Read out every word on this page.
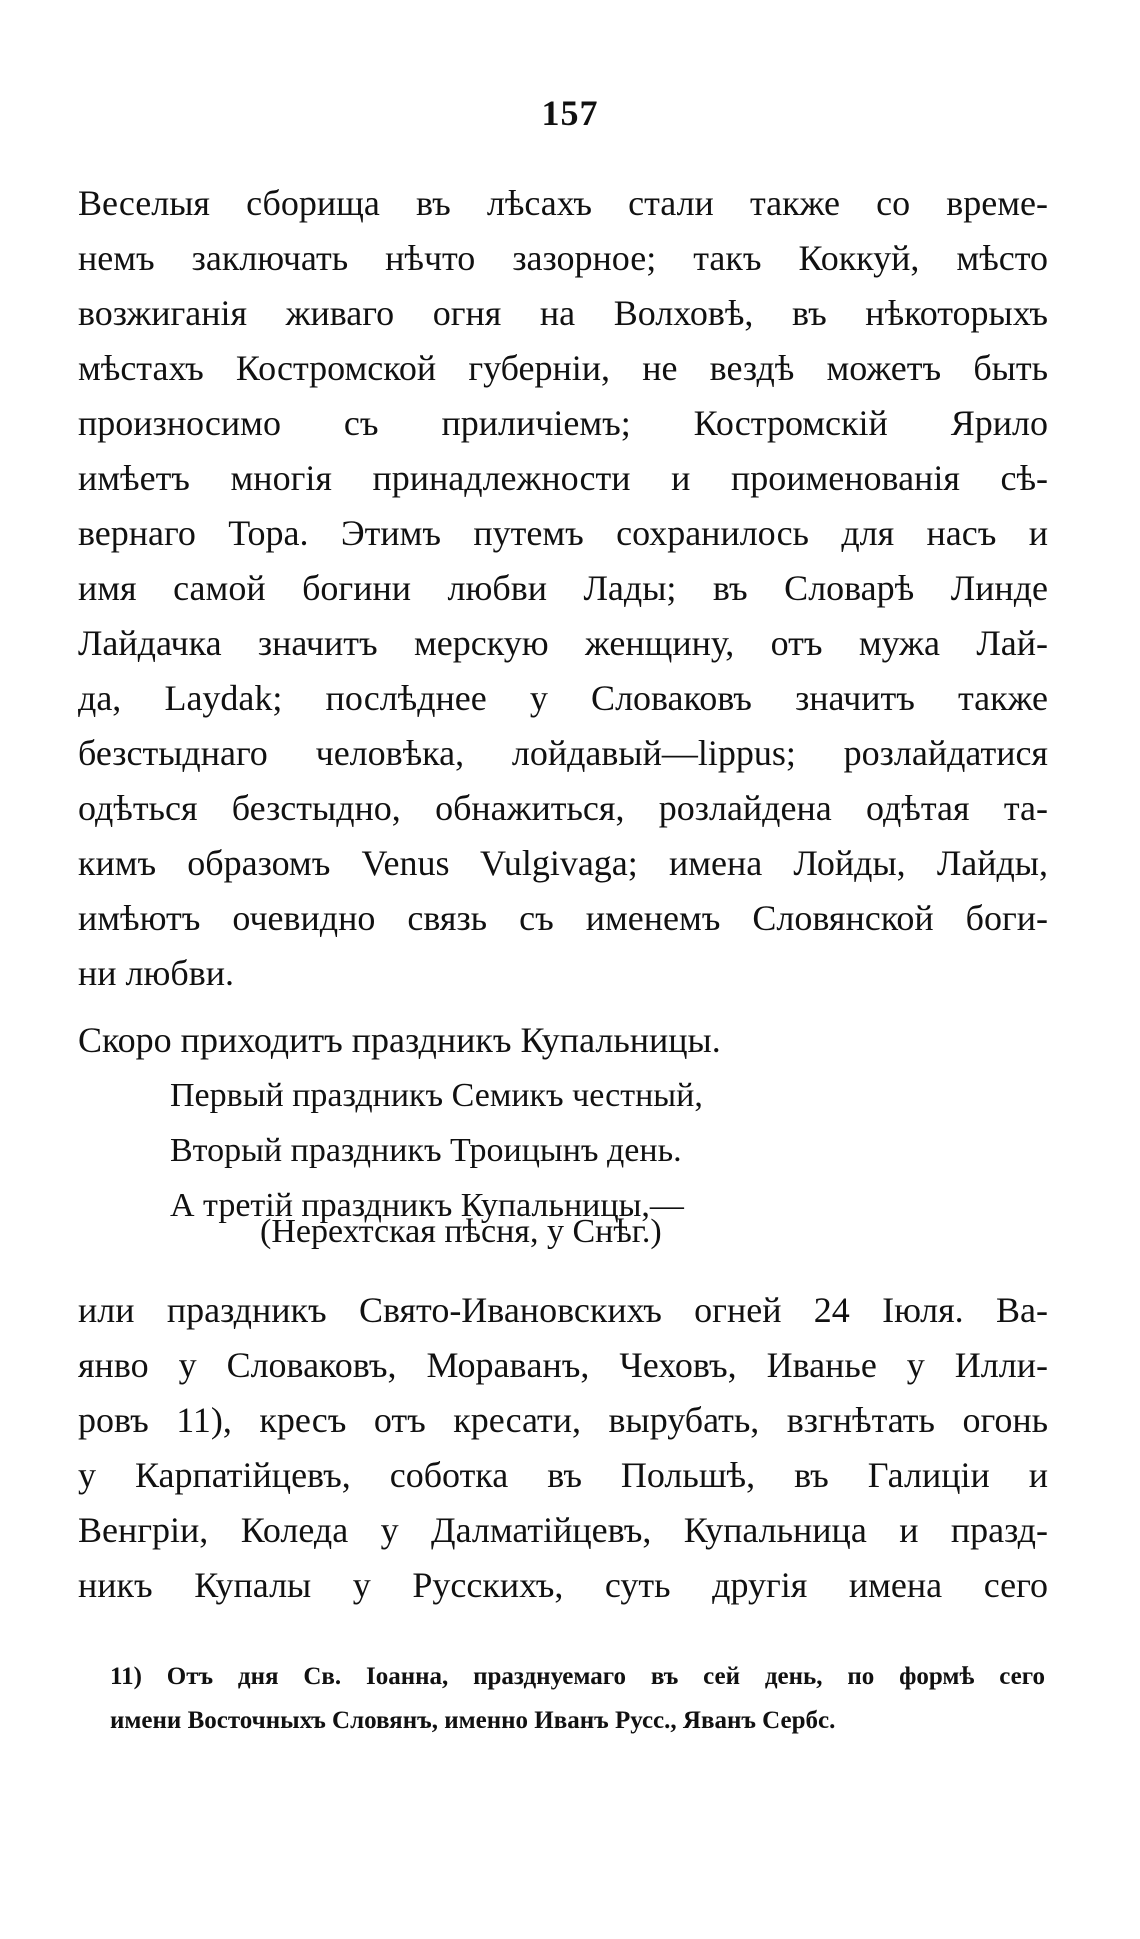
157
Веселыя сборища въ лѣсахъ стали также со време-
немъ заключать нѣчто зазорное; такъ Коккуй, мѣсто
возжиганія живаго огня на Волховѣ, въ нѣкоторыхъ
мѣстахъ Костромской губерніи, не вездѣ можетъ быть
произносимо съ приличіемъ; Костромскій Ярило
имѣетъ многія принадлежности и проименованія сѣ-
вернаго Тора. Этимъ путемъ сохранилось для насъ и
имя самой богини любви Лады; въ Словарѣ Линде
Лайдачка значитъ мерскую женщину, отъ мужа Лай-
да, Laydak; послѣднее у Словаковъ значитъ также
безстыднаго человѣка, лойдавый—lippus; розлайдатися
одѣться безстыдно, обнажиться, розлайдена одѣтая та-
кимъ образомъ Venus Vulgivaga; имена Лойды, Лайды,
имѣютъ очевидно связь съ именемъ Словянской боги-
ни любви.
Скоро приходитъ праздникъ Купальницы.
Первый праздникъ Семикъ честный,
Вторый праздникъ Троицынъ день.
А третій праздникъ Купальницы,—
(Нерехтская пѣсня, у Снѣг.)
или праздникъ Свято-Ивановскихъ огней 24 Іюля. Ва-
янво у Словаковъ, Моравaнъ, Чеховъ, Иванье у Илли-
ровъ 11), кресъ отъ кресати, вырубать, взгнѣтать огонь
у Карпатійцевъ, соботка въ Польшѣ, въ Галиціи и
Венгріи, Коледа у Далматійцевъ, Купальница и празд-
никъ Купалы у Русскихъ, суть другія имена сего
11) Отъ дня Св. Іоанна, празднуемаго въ сей день, по формѣ сего
имени Восточныхъ Словянъ, именно Иванъ Русс., Яванъ Сербс.
